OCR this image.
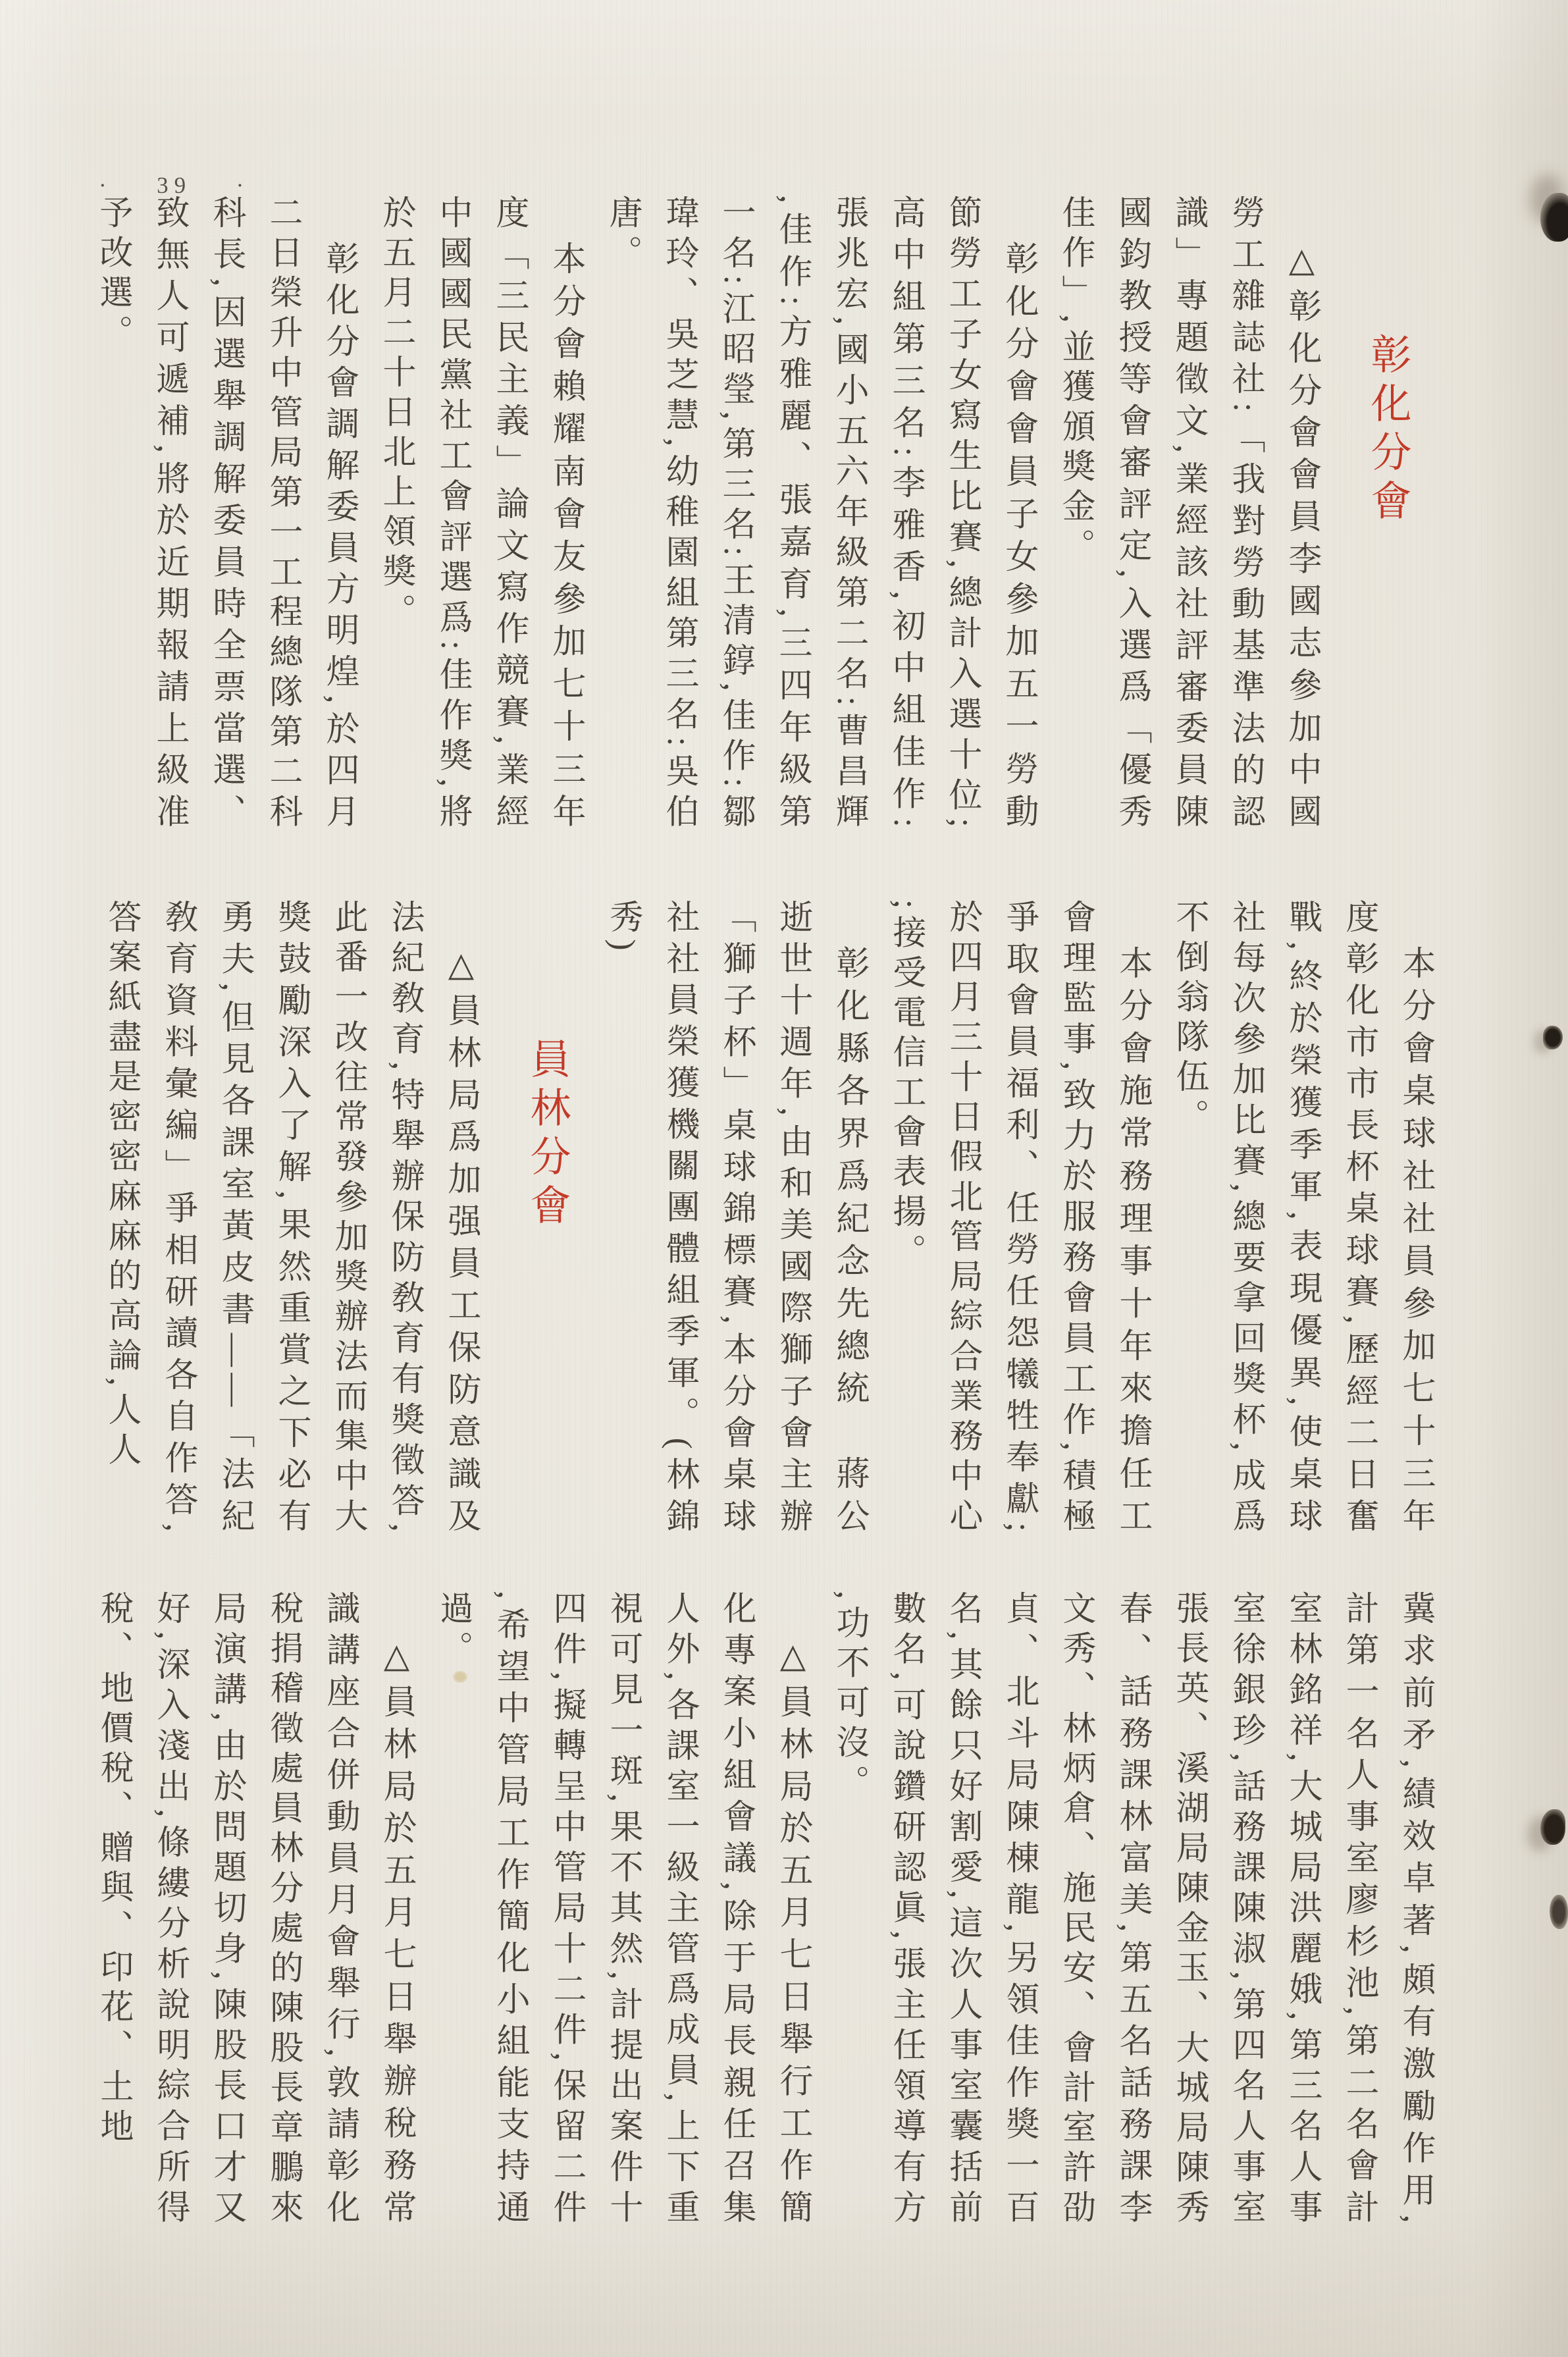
·  39  ·
彰化分會

△彰化分會會員李國志參加中國勞工雜誌社:「我對勞動基準法的認識」專題徵文,業經該社評審委員陳國鈞教授等會審評定,入選爲「優秀佳作」,並獲頒獎金。

彰化分會會員子女參加五一勞動節勞工子女寫生比賽,總計入選十位;高中組第三名:李雅香,初中組佳作:張兆宏,國小五六年級第二名:曹昌輝,佳作:方雅麗、張嘉育,三四年級第一名:江昭瑩,第三名:王清錞,佳作:鄒瑋玲、吳芝慧,幼稚園組第三名:吳伯唐。

本分會賴耀南會友參加七十三年度「三民主義」論文寫作競賽,業經中國國民黨社工會評選爲:佳作獎,將於五月二十日北上領獎。

彰化分會調解委員方明煌,於四月二日榮升中管局第一工程總隊第二科科長,因選舉調解委員時全票當選、致無人可遞補,將於近期報請上級准予改選。

本分會桌球社社員參加七十三年度彰化市市長杯桌球賽,歷經二日奮戰,終於榮獲季軍,表現優異,使桌球社每次參加比賽,總要拿回獎杯,成爲不倒翁隊伍。

本分會施常務理事十年來擔任工會理監事,致力於服務會員工作,積極爭取會員福利、任勞任怨犧牲奉獻;於四月三十日假北管局綜合業務中心;接受電信工會表揚。

彰化縣各界爲紀念先總統　蔣公逝世十週年,由和美國際獅子會主辦「獅子杯」桌球錦標賽,本分會桌球社社員榮獲機關團體組季軍。(林錦秀)

員林分會

△員林局爲加强員工保防意識及法紀敎育,特舉辦保防敎育有獎徵答,此番一改往常發參加獎辦法而集中大獎鼓勵深入了解,果然重賞之下必有勇夫,但見各課室黃皮書——「法紀敎育資料彙編」爭相研讀各自作答,答案紙盡是密密麻麻的高論,人人

冀求前矛,績效卓著,頗有激勵作用,計第一名人事室廖杉池,第二名會計室林銘祥,大城局洪麗娥,第三名人事室徐銀珍,話務課陳淑,第四名人事室張長英、溪湖局陳金玉、大城局陳秀春、話務課林富美,第五名話務課李文秀、林炳倉、施民安、會計室許劭貞、北斗局陳棟龍,另領佳作獎一百名,其餘只好割愛,這次人事室囊括前數名,可說鑽研認眞,張主任領導有方,功不可沒。

△員林局於五月七日舉行工作簡化專案小組會議,除于局長親任召集人外,各課室一級主管爲成員,上下重視可見一斑,果不其然,計提出案件十四件,擬轉呈中管局十二件,保留二件,希望中管局工作簡化小組能支持通過。

△員林局於五月七日舉辦稅務常識講座合併動員月會舉行,敦請彰化稅捐稽徵處員林分處的陳股長章鵬來局演講,由於問題切身,陳股長口才又好,深入淺出,條縷分析說明綜合所得稅、地價稅、贈與、印花、土地
